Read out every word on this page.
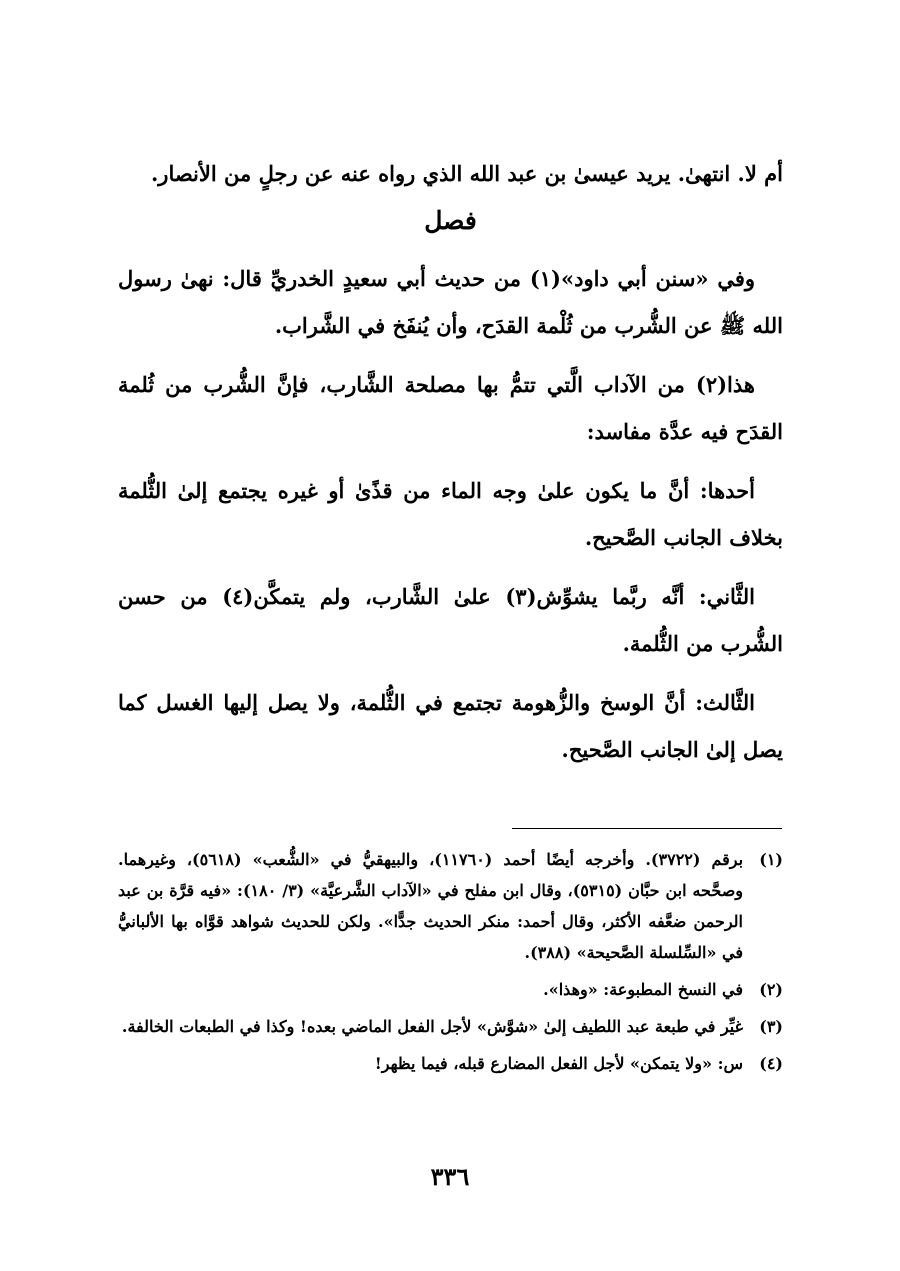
أم لا. انتهىٰ. يريد عيسىٰ بن عبد الله الذي رواه عنه عن رجلٍ من الأنصار.

فصل

وفي «سنن أبي داود»(١) من حديث أبي سعيدٍ الخدريِّ قال: نهىٰ رسول الله ﷺ عن الشُّرب من ثُلْمة القدَح، وأن يُنفَخ في الشَّراب.

هذا(٢) من الآداب الَّتي تتمُّ بها مصلحة الشَّارب، فإنَّ الشُّرب من ثُلمة القدَح فيه عدَّة مفاسد:

أحدها: أنَّ ما يكون علىٰ وجه الماء من قذًىٰ أو غيره يجتمع إلىٰ الثُّلمة بخلاف الجانب الصَّحيح.

الثَّاني: أنَّه ربَّما يشوِّش(٣) علىٰ الشَّارب، ولم يتمكَّن(٤) من حسن الشُّرب من الثُّلمة.

الثَّالث: أنَّ الوسخ والزُّهومة تجتمع في الثُّلمة، ولا يصل إليها الغسل كما يصل إلىٰ الجانب الصَّحيح.

(١)
برقم (٣٧٢٢). وأخرجه أيضًا أحمد (١١٧٦٠)، والبيهقيُّ في «الشُّعب» (٥٦١٨)، وغيرهما. وصحَّحه ابن حبَّان (٥٣١٥)، وقال ابن مفلح في «الآداب الشَّرعيَّة» (٣/ ١٨٠): «فيه قرَّة بن عبد الرحمن ضعَّفه الأكثر، وقال أحمد: منكر الحديث جدًّا». ولكن للحديث شواهد قوَّاه بها الألبانيُّ في «السِّلسلة الصَّحيحة» (٣٨٨).
(٢)
في النسخ المطبوعة: «وهذا».
(٣)
غيِّر في طبعة عبد اللطيف إلىٰ «شوَّش» لأجل الفعل الماضي بعده! وكذا في الطبعات الخالفة.
(٤)
س: «ولا يتمكن» لأجل الفعل المضارع قبله، فيما يظهر!
٣٣٦
